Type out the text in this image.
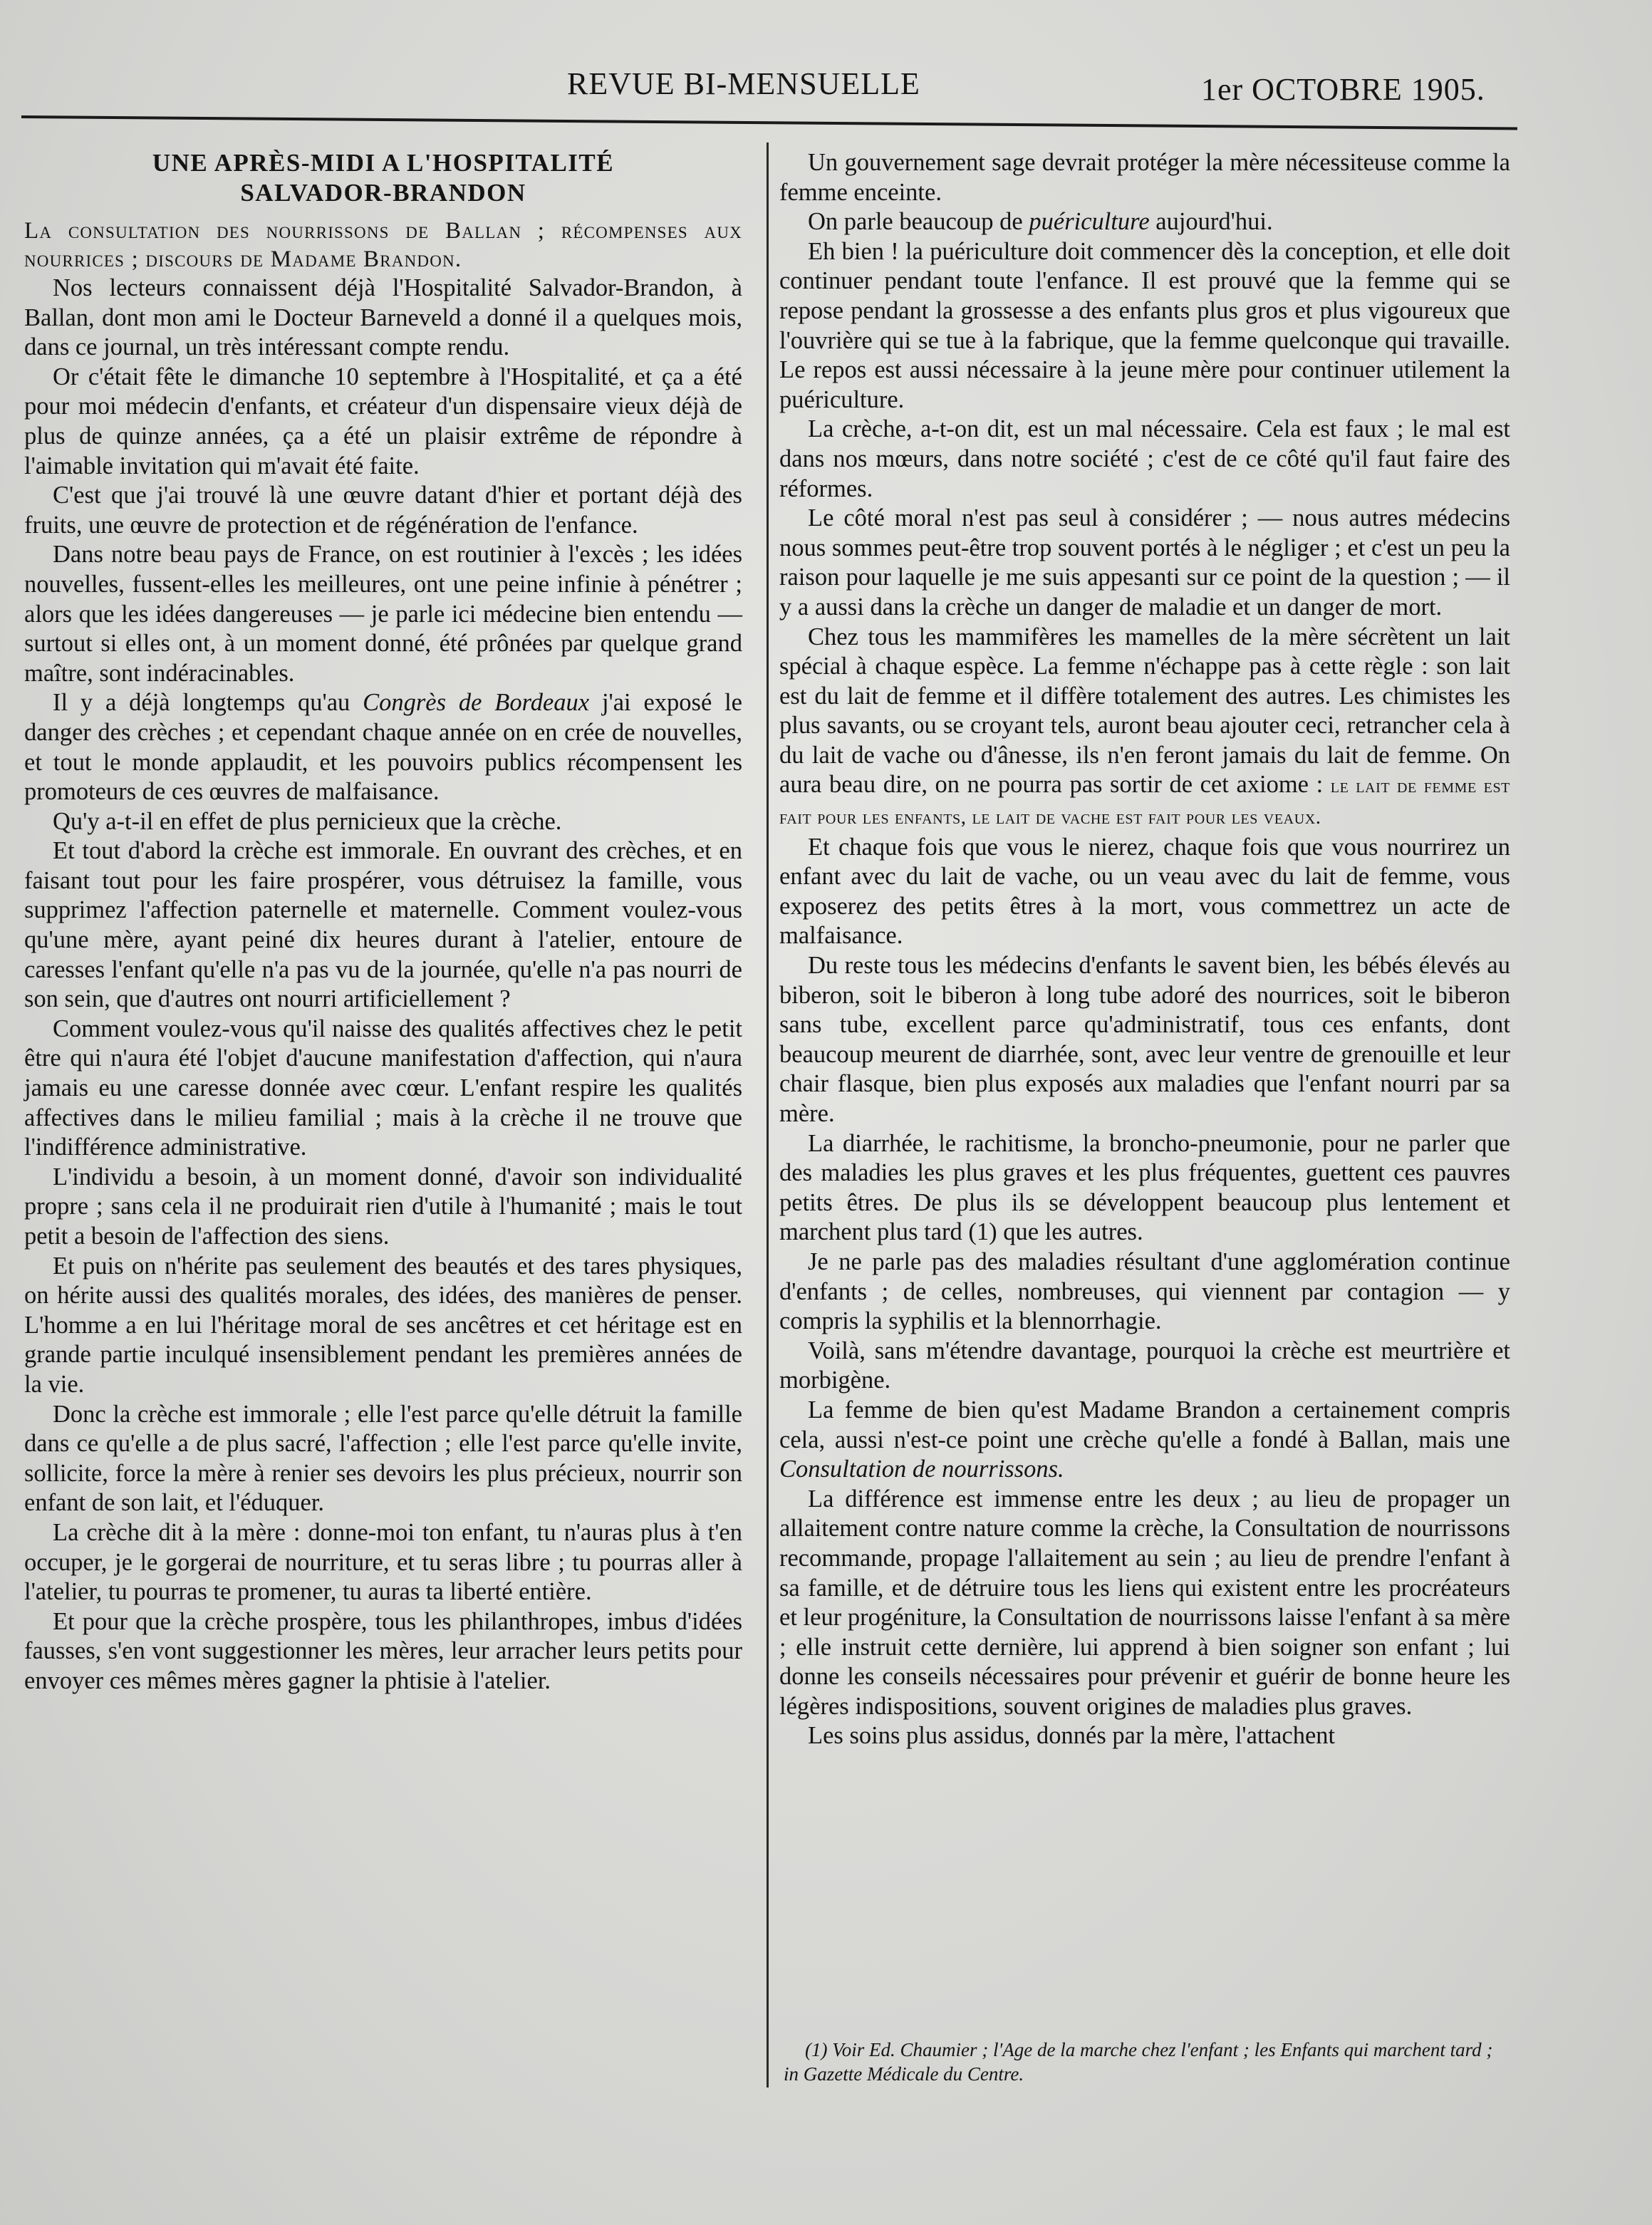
REVUE BI-MENSUELLE	1er OCTOBRE 1905.
UNE APRÈS-MIDI A L'HOSPITALITÉ
SALVADOR-BRANDON

La consultation des nourrissons de Ballan ; récompenses aux nourrices ; discours de Madame Brandon.

Nos lecteurs connaissent déjà l'Hospitalité Salvador-Brandon, à Ballan, dont mon ami le Docteur Barneveld a donné il a quelques mois, dans ce journal, un très intéressant compte rendu.

Or c'était fête le dimanche 10 septembre à l'Hospitalité, et ça a été pour moi médecin d'enfants, et créateur d'un dispensaire vieux déjà de plus de quinze années, ça a été un plaisir extrême de répondre à l'aimable invitation qui m'avait été faite.

C'est que j'ai trouvé là une œuvre datant d'hier et portant déjà des fruits, une œuvre de protection et de régénération de l'enfance.

Dans notre beau pays de France, on est routinier à l'excès ; les idées nouvelles, fussent-elles les meilleures, ont une peine infinie à pénétrer ; alors que les idées dangereuses — je parle ici médecine bien entendu — surtout si elles ont, à un moment donné, été prônées par quelque grand maître, sont indéracinables.

Il y a déjà longtemps qu'au Congrès de Bordeaux j'ai exposé le danger des crèches ; et cependant chaque année on en crée de nouvelles, et tout le monde applaudit, et les pouvoirs publics récompensent les promoteurs de ces œuvres de malfaisance.

Qu'y a-t-il en effet de plus pernicieux que la crèche.

Et tout d'abord la crèche est immorale. En ouvrant des crèches, et en faisant tout pour les faire prospérer, vous détruisez la famille, vous supprimez l'affection paternelle et maternelle. Comment voulez-vous qu'une mère, ayant peiné dix heures durant à l'atelier, entoure de caresses l'enfant qu'elle n'a pas vu de la journée, qu'elle n'a pas nourri de son sein, que d'autres ont nourri artificiellement ?

Comment voulez-vous qu'il naisse des qualités affectives chez le petit être qui n'aura été l'objet d'aucune manifestation d'affection, qui n'aura jamais eu une caresse donnée avec cœur. L'enfant respire les qualités affectives dans le milieu familial ; mais à la crèche il ne trouve que l'indifférence administrative.

L'individu a besoin, à un moment donné, d'avoir son individualité propre ; sans cela il ne produirait rien d'utile à l'humanité ; mais le tout petit a besoin de l'affection des siens.

Et puis on n'hérite pas seulement des beautés et des tares physiques, on hérite aussi des qualités morales, des idées, des manières de penser. L'homme a en lui l'héritage moral de ses ancêtres et cet héritage est en grande partie inculqué insensiblement pendant les premières années de la vie.

Donc la crèche est immorale ; elle l'est parce qu'elle détruit la famille dans ce qu'elle a de plus sacré, l'affection ; elle l'est parce qu'elle invite, sollicite, force la mère à renier ses devoirs les plus précieux, nourrir son enfant de son lait, et l'éduquer.

La crèche dit à la mère : donne-moi ton enfant, tu n'auras plus à t'en occuper, je le gorgerai de nourriture, et tu seras libre ; tu pourras aller à l'atelier, tu pourras te promener, tu auras ta liberté entière.

Et pour que la crèche prospère, tous les philanthropes, imbus d'idées fausses, s'en vont suggestionner les mères, leur arracher leurs petits pour envoyer ces mêmes mères gagner la phtisie à l'atelier.

Un gouvernement sage devrait protéger la mère nécessiteuse comme la femme enceinte.

On parle beaucoup de puériculture aujourd'hui.

Eh bien ! la puériculture doit commencer dès la conception, et elle doit continuer pendant toute l'enfance. Il est prouvé que la femme qui se repose pendant la grossesse a des enfants plus gros et plus vigoureux que l'ouvrière qui se tue à la fabrique, que la femme quelconque qui travaille. Le repos est aussi nécessaire à la jeune mère pour continuer utilement la puériculture.

La crèche, a-t-on dit, est un mal nécessaire. Cela est faux ; le mal est dans nos mœurs, dans notre société ; c'est de ce côté qu'il faut faire des réformes.

Le côté moral n'est pas seul à considérer ; — nous autres médecins nous sommes peut-être trop souvent portés à le négliger ; et c'est un peu la raison pour laquelle je me suis appesanti sur ce point de la question ; — il y a aussi dans la crèche un danger de maladie et un danger de mort.

Chez tous les mammifères les mamelles de la mère sécrètent un lait spécial à chaque espèce. La femme n'échappe pas à cette règle : son lait est du lait de femme et il diffère totalement des autres. Les chimistes les plus savants, ou se croyant tels, auront beau ajouter ceci, retrancher cela à du lait de vache ou d'ânesse, ils n'en feront jamais du lait de femme. On aura beau dire, on ne pourra pas sortir de cet axiome : le lait de femme est fait pour les enfants, le lait de vache est fait pour les veaux.

Et chaque fois que vous le nierez, chaque fois que vous nourrirez un enfant avec du lait de vache, ou un veau avec du lait de femme, vous exposerez des petits êtres à la mort, vous commettrez un acte de malfaisance.

Du reste tous les médecins d'enfants le savent bien, les bébés élevés au biberon, soit le biberon à long tube adoré des nourrices, soit le biberon sans tube, excellent parce qu'administratif, tous ces enfants, dont beaucoup meurent de diarrhée, sont, avec leur ventre de grenouille et leur chair flasque, bien plus exposés aux maladies que l'enfant nourri par sa mère.

La diarrhée, le rachitisme, la broncho-pneumonie, pour ne parler que des maladies les plus graves et les plus fréquentes, guettent ces pauvres petits êtres. De plus ils se développent beaucoup plus lentement et marchent plus tard (1) que les autres.

Je ne parle pas des maladies résultant d'une agglomération continue d'enfants ; de celles, nombreuses, qui viennent par contagion — y compris la syphilis et la blennorrhagie.

Voilà, sans m'étendre davantage, pourquoi la crèche est meurtrière et morbigène.

La femme de bien qu'est Madame Brandon a certainement compris cela, aussi n'est-ce point une crèche qu'elle a fondé à Ballan, mais une Consultation de nourrissons.

La différence est immense entre les deux ; au lieu de propager un allaitement contre nature comme la crèche, la Consultation de nourrissons recommande, propage l'allaitement au sein ; au lieu de prendre l'enfant à sa famille, et de détruire tous les liens qui existent entre les procréateurs et leur progéniture, la Consultation de nourrissons laisse l'enfant à sa mère ; elle instruit cette dernière, lui apprend à bien soigner son enfant ; lui donne les conseils nécessaires pour prévenir et guérir de bonne heure les légères indispositions, souvent origines de maladies plus graves.

Les soins plus assidus, donnés par la mère, l'attachent

(1) Voir Ed. Chaumier ; l'Age de la marche chez l'enfant ; les Enfants qui marchent tard ; in Gazette Médicale du Centre.
